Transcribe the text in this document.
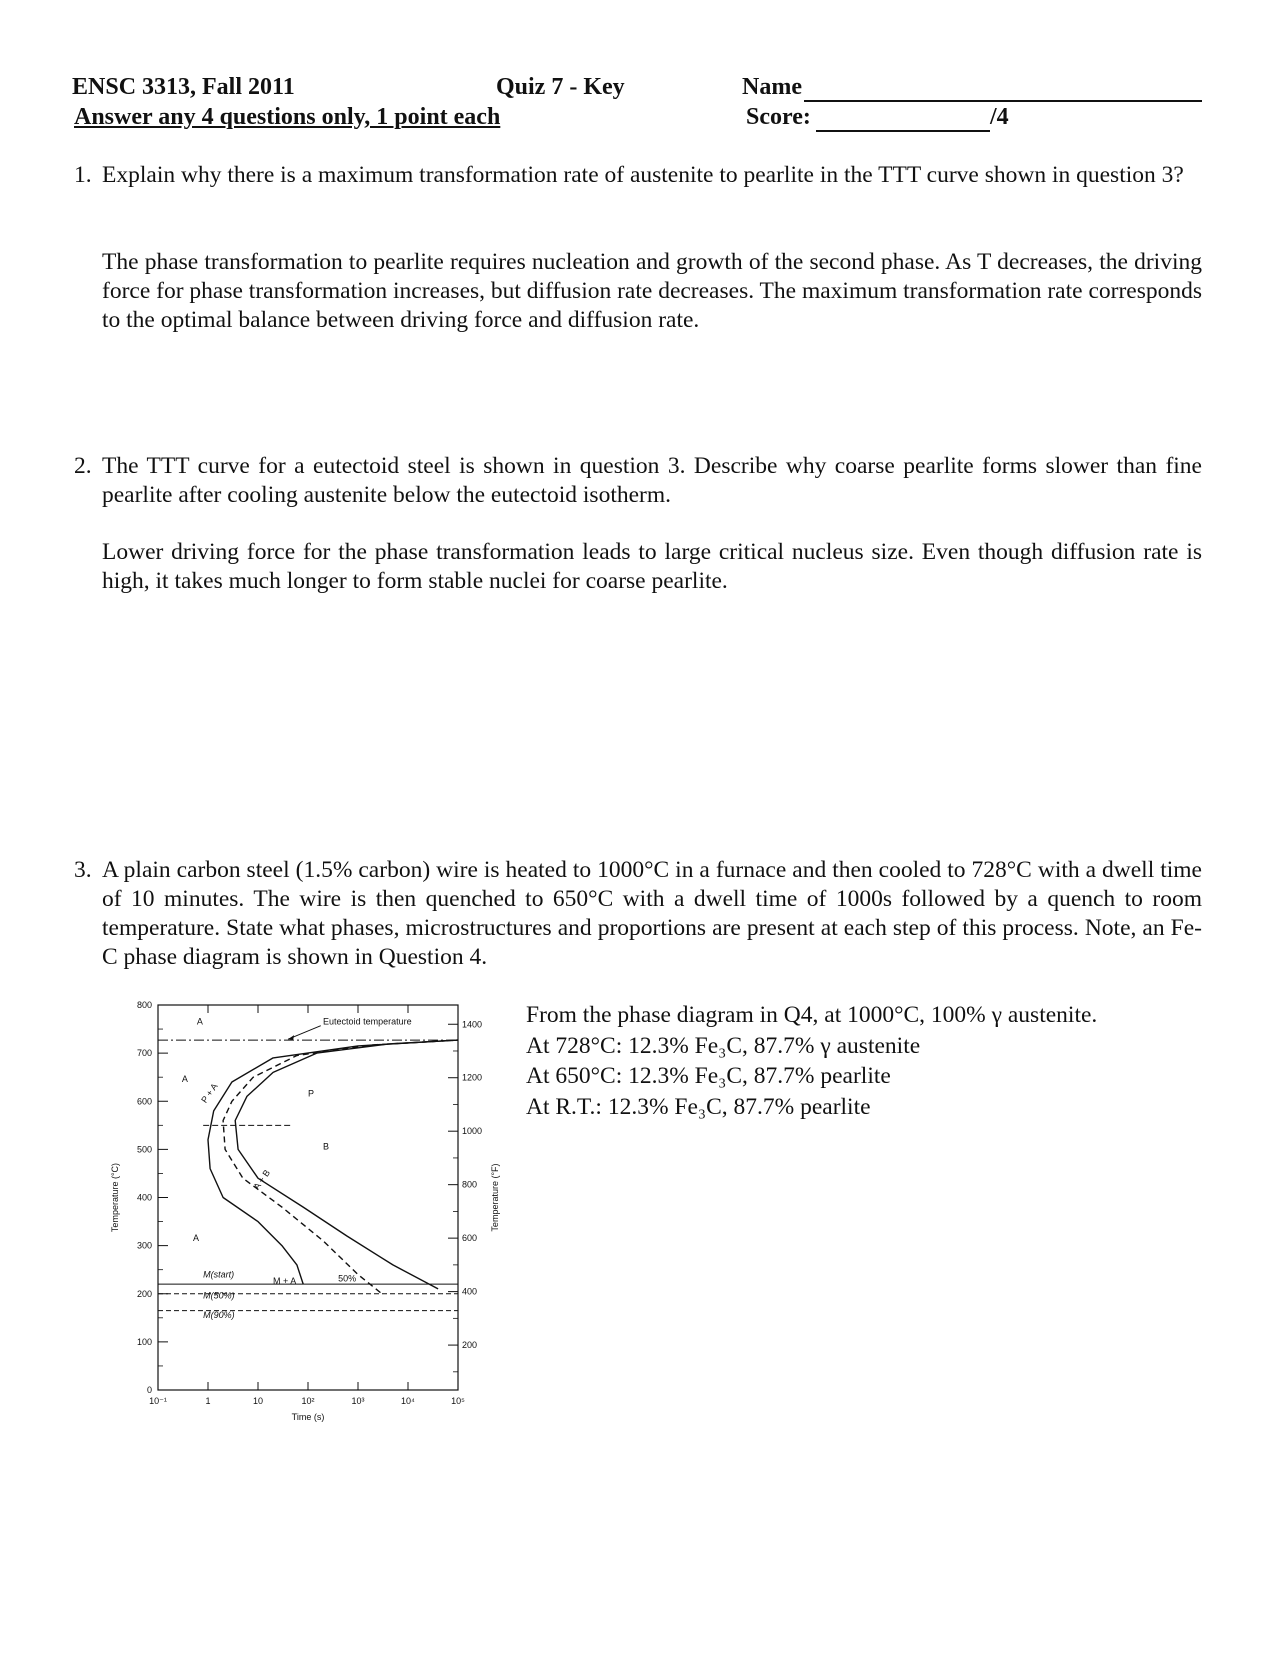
ENSC 3313, Fall 2011	Quiz 7 - Key	Name
Answer any 4 questions only, 1 point each	Score:	/4
1. Explain why there is a maximum transformation rate of austenite to pearlite in the TTT curve shown in question 3?
The phase transformation to pearlite requires nucleation and growth of the second phase. As T decreases, the driving force for phase transformation increases, but diffusion rate decreases. The maximum transformation rate corresponds to the optimal balance between driving force and diffusion rate.
2. The TTT curve for a eutectoid steel is shown in question 3. Describe why coarse pearlite forms slower than fine pearlite after cooling austenite below the eutectoid isotherm.
Lower driving force for the phase transformation leads to large critical nucleus size. Even though diffusion rate is high, it takes much longer to form stable nuclei for coarse pearlite.
3. A plain carbon steel (1.5% carbon) wire is heated to 1000°C in a furnace and then cooled to 728°C with a dwell time of 10 minutes. The wire is then quenched to 650°C with a dwell time of 1000s followed by a quench to room temperature. State what phases, microstructures and proportions are present at each step of this process. Note, an Fe-C phase diagram is shown in Question 4.
From the phase diagram in Q4, at 1000°C, 100% γ austenite.
At 728°C: 12.3% Fe₃C, 87.7% γ austenite
At 650°C: 12.3% Fe₃C, 87.7% pearlite
At R.T.: 12.3% Fe₃C, 87.7% pearlite
0
100
200
300
400
500
600
700
800
200
400
600
800
1000
1200
1400
10⁻¹	1	10	10²	10³	10⁴	10⁵
Time (s)
Temperature (°C)	Temperature (°F)
A
A
A
P
B
P + A
A + B
M + A	50%
M(start)
M(50%)
M(90%)
Eutectoid temperature
